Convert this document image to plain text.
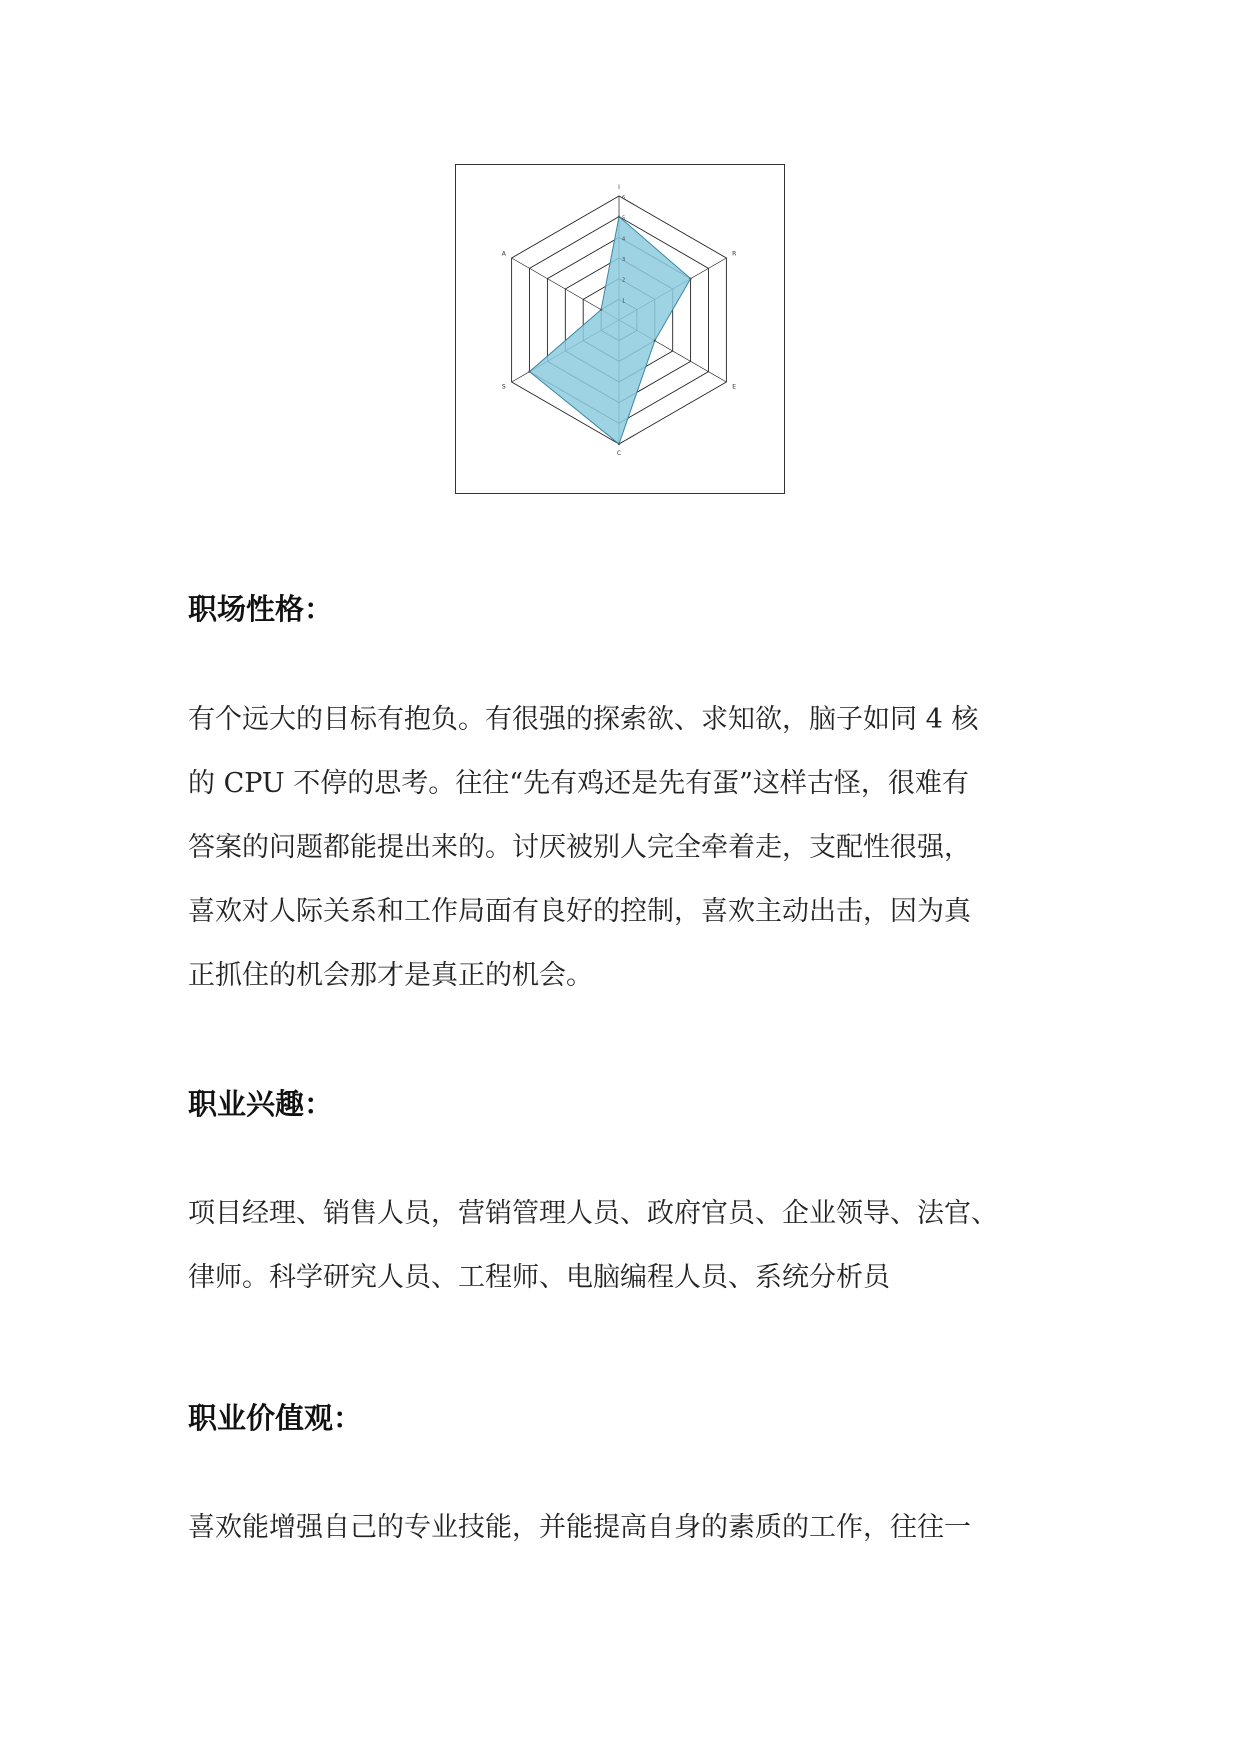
1
2
3
4
5
6
I
R
E
C
S
A
职场性格：
有个远大的目标有抱负。有很强的探索欲、求知欲，脑子如同 4 核
的 CPU 不停的思考。往往“先有鸡还是先有蛋”这样古怪，很难有
答案的问题都能提出来的。讨厌被别人完全牵着走，支配性很强，
喜欢对人际关系和工作局面有良好的控制，喜欢主动出击，因为真
正抓住的机会那才是真正的机会。
职业兴趣：
项目经理、销售人员，营销管理人员、政府官员、企业领导、法官、
律师。科学研究人员、工程师、电脑编程人员、系统分析员
职业价值观：
喜欢能增强自己的专业技能，并能提高自身的素质的工作，往往一
